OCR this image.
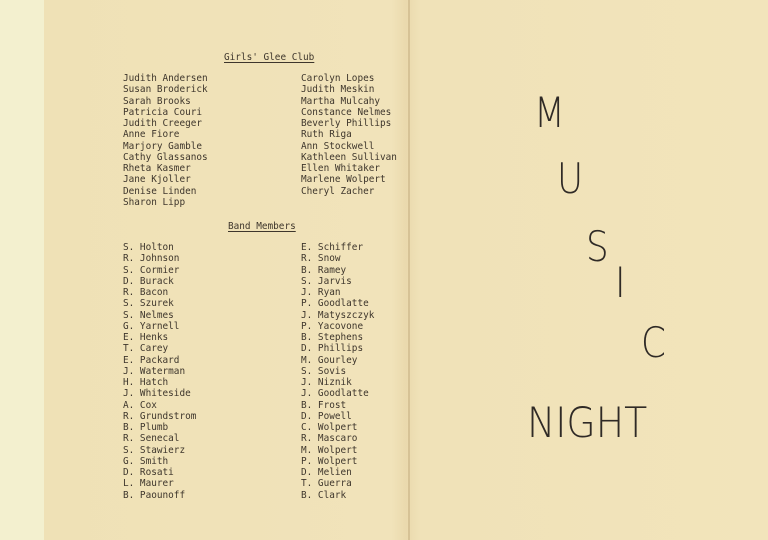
Girls' Glee Club
Judith Andersen
Susan Broderick
Sarah Brooks
Patricia Couri
Judith Creeger
Anne Fiore
Marjory Gamble
Cathy Glassanos
Rheta Kasmer
Jane Kjoller
Denise Linden
Sharon Lipp
Carolyn Lopes
Judith Meskin
Martha Mulcahy
Constance Nelmes
Beverly Phillips
Ruth Riga
Ann Stockwell
Kathleen Sullivan
Ellen Whitaker
Marlene Wolpert
Cheryl Zacher
Band Members
S. Holton
R. Johnson
S. Cormier
D. Burack
R. Bacon
S. Szurek
S. Nelmes
G. Yarnell
E. Henks
T. Carey
E. Packard
J. Waterman
H. Hatch
J. Whiteside
A. Cox
R. Grundstrom
B. Plumb
R. Senecal
S. Stawierz
G. Smith
D. Rosati
L. Maurer
B. Paounoff
E. Schiffer
R. Snow
B. Ramey
S. Jarvis
J. Ryan
P. Goodlatte
J. Matyszczyk
P. Yacovone
B. Stephens
D. Phillips
M. Gourley
S. Sovis
J. Niznik
J. Goodlatte
B. Frost
D. Powell
C. Wolpert
R. Mascaro
M. Wolpert
P. Wolpert
D. Melien
T. Guerra
B. Clark
M
U
S
I
C
NIGHT
